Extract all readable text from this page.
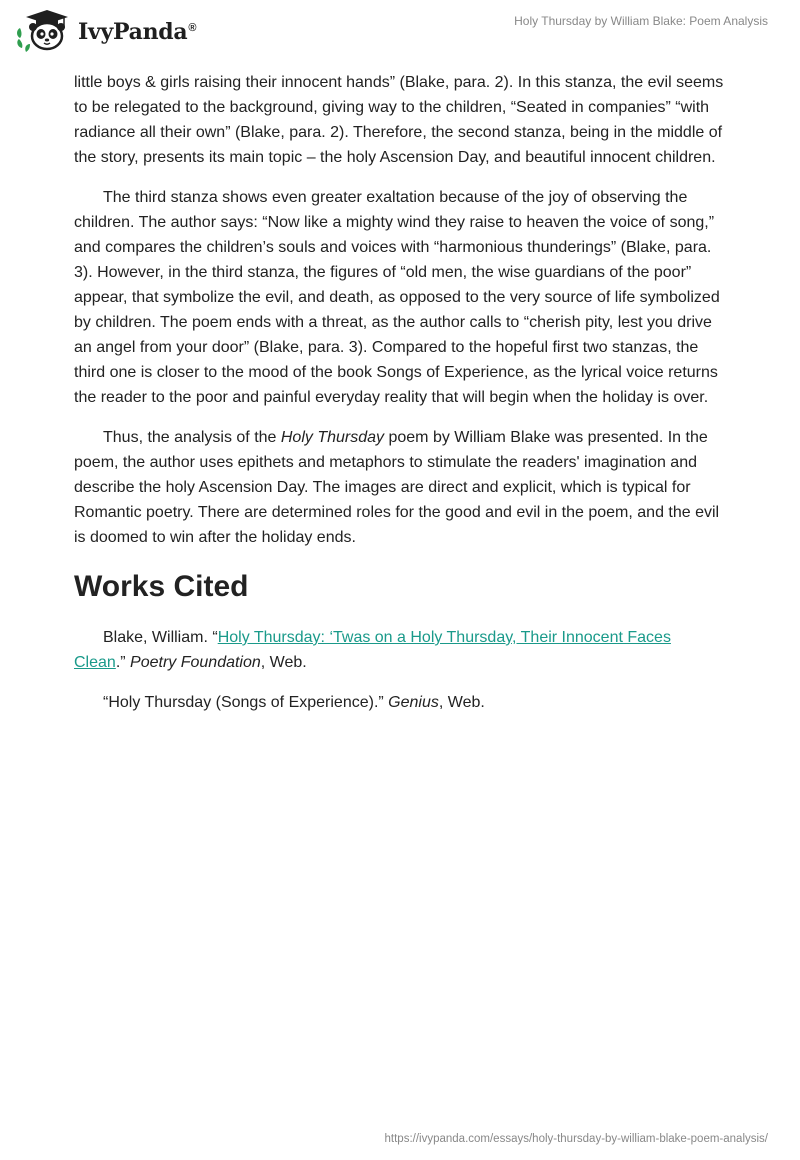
IvyPanda®	Holy Thursday by William Blake: Poem Analysis

little boys & girls raising their innocent hands” (Blake, para. 2). In this stanza, the evil seems to be relegated to the background, giving way to the children, “Seated in companies” “with radiance all their own” (Blake, para. 2). Therefore, the second stanza, being in the middle of the story, presents its main topic – the holy Ascension Day, and beautiful innocent children.

The third stanza shows even greater exaltation because of the joy of observing the children. The author says: “Now like a mighty wind they raise to heaven the voice of song,” and compares the children’s souls and voices with “harmonious thunderings” (Blake, para. 3). However, in the third stanza, the figures of “old men, the wise guardians of the poor” appear, that symbolize the evil, and death, as opposed to the very source of life symbolized by children. The poem ends with a threat, as the author calls to “cherish pity, lest you drive an angel from your door” (Blake, para. 3). Compared to the hopeful first two stanzas, the third one is closer to the mood of the book Songs of Experience, as the lyrical voice returns the reader to the poor and painful everyday reality that will begin when the holiday is over.

Thus, the analysis of the Holy Thursday poem by William Blake was presented. In the poem, the author uses epithets and metaphors to stimulate the readers' imagination and describe the holy Ascension Day. The images are direct and explicit, which is typical for Romantic poetry. There are determined roles for the good and evil in the poem, and the evil is doomed to win after the holiday ends.

Works Cited

Blake, William. “Holy Thursday: ‘Twas on a Holy Thursday, Their Innocent Faces Clean.” Poetry Foundation, Web.

“Holy Thursday (Songs of Experience).” Genius, Web.

https://ivypanda.com/essays/holy-thursday-by-william-blake-poem-analysis/
